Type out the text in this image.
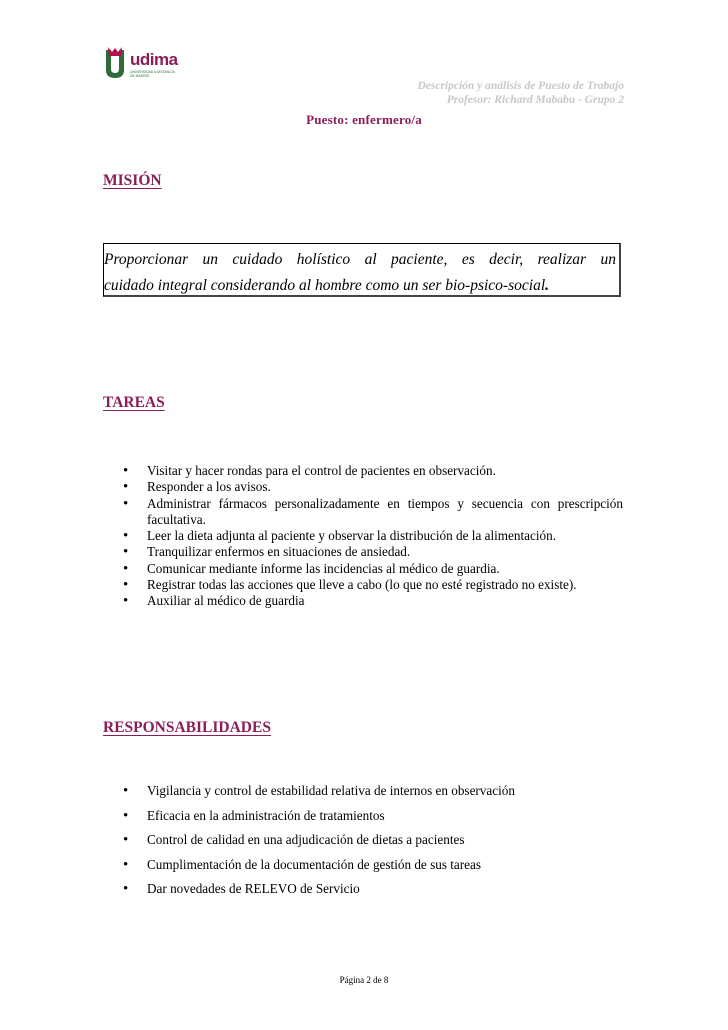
udima
UNIVERSIDAD A DISTANCIA DE MADRID
Descripción y análisis de Puesto de Trabajo
Profesor: Richard Mababu - Grupo 2
Puesto: enfermero/a
MISIÓN
Proporcionar un cuidado holístico al paciente, es decir, realizar un
cuidado integral considerando al hombre como un ser bio-psico-social.
TAREAS
• Visitar y hacer rondas para el control de pacientes en observación.
• Responder a los avisos.
• Administrar fármacos personalizadamente en tiempos y secuencia con prescripción facultativa.
• Leer la dieta adjunta al paciente y observar la distribución de la alimentación.
• Tranquilizar enfermos en situaciones de ansiedad.
• Comunicar mediante informe las incidencias al médico de guardia.
• Registrar todas las acciones que lleve a cabo (lo que no esté registrado no existe).
• Auxiliar al médico de guardia
RESPONSABILIDADES
• Vigilancia y control de estabilidad relativa de internos en observación
• Eficacia en la administración de tratamientos
• Control de calidad en una adjudicación de dietas a pacientes
• Cumplimentación de la documentación de gestión de sus tareas
• Dar novedades de RELEVO de Servicio
Página 2 de 8
